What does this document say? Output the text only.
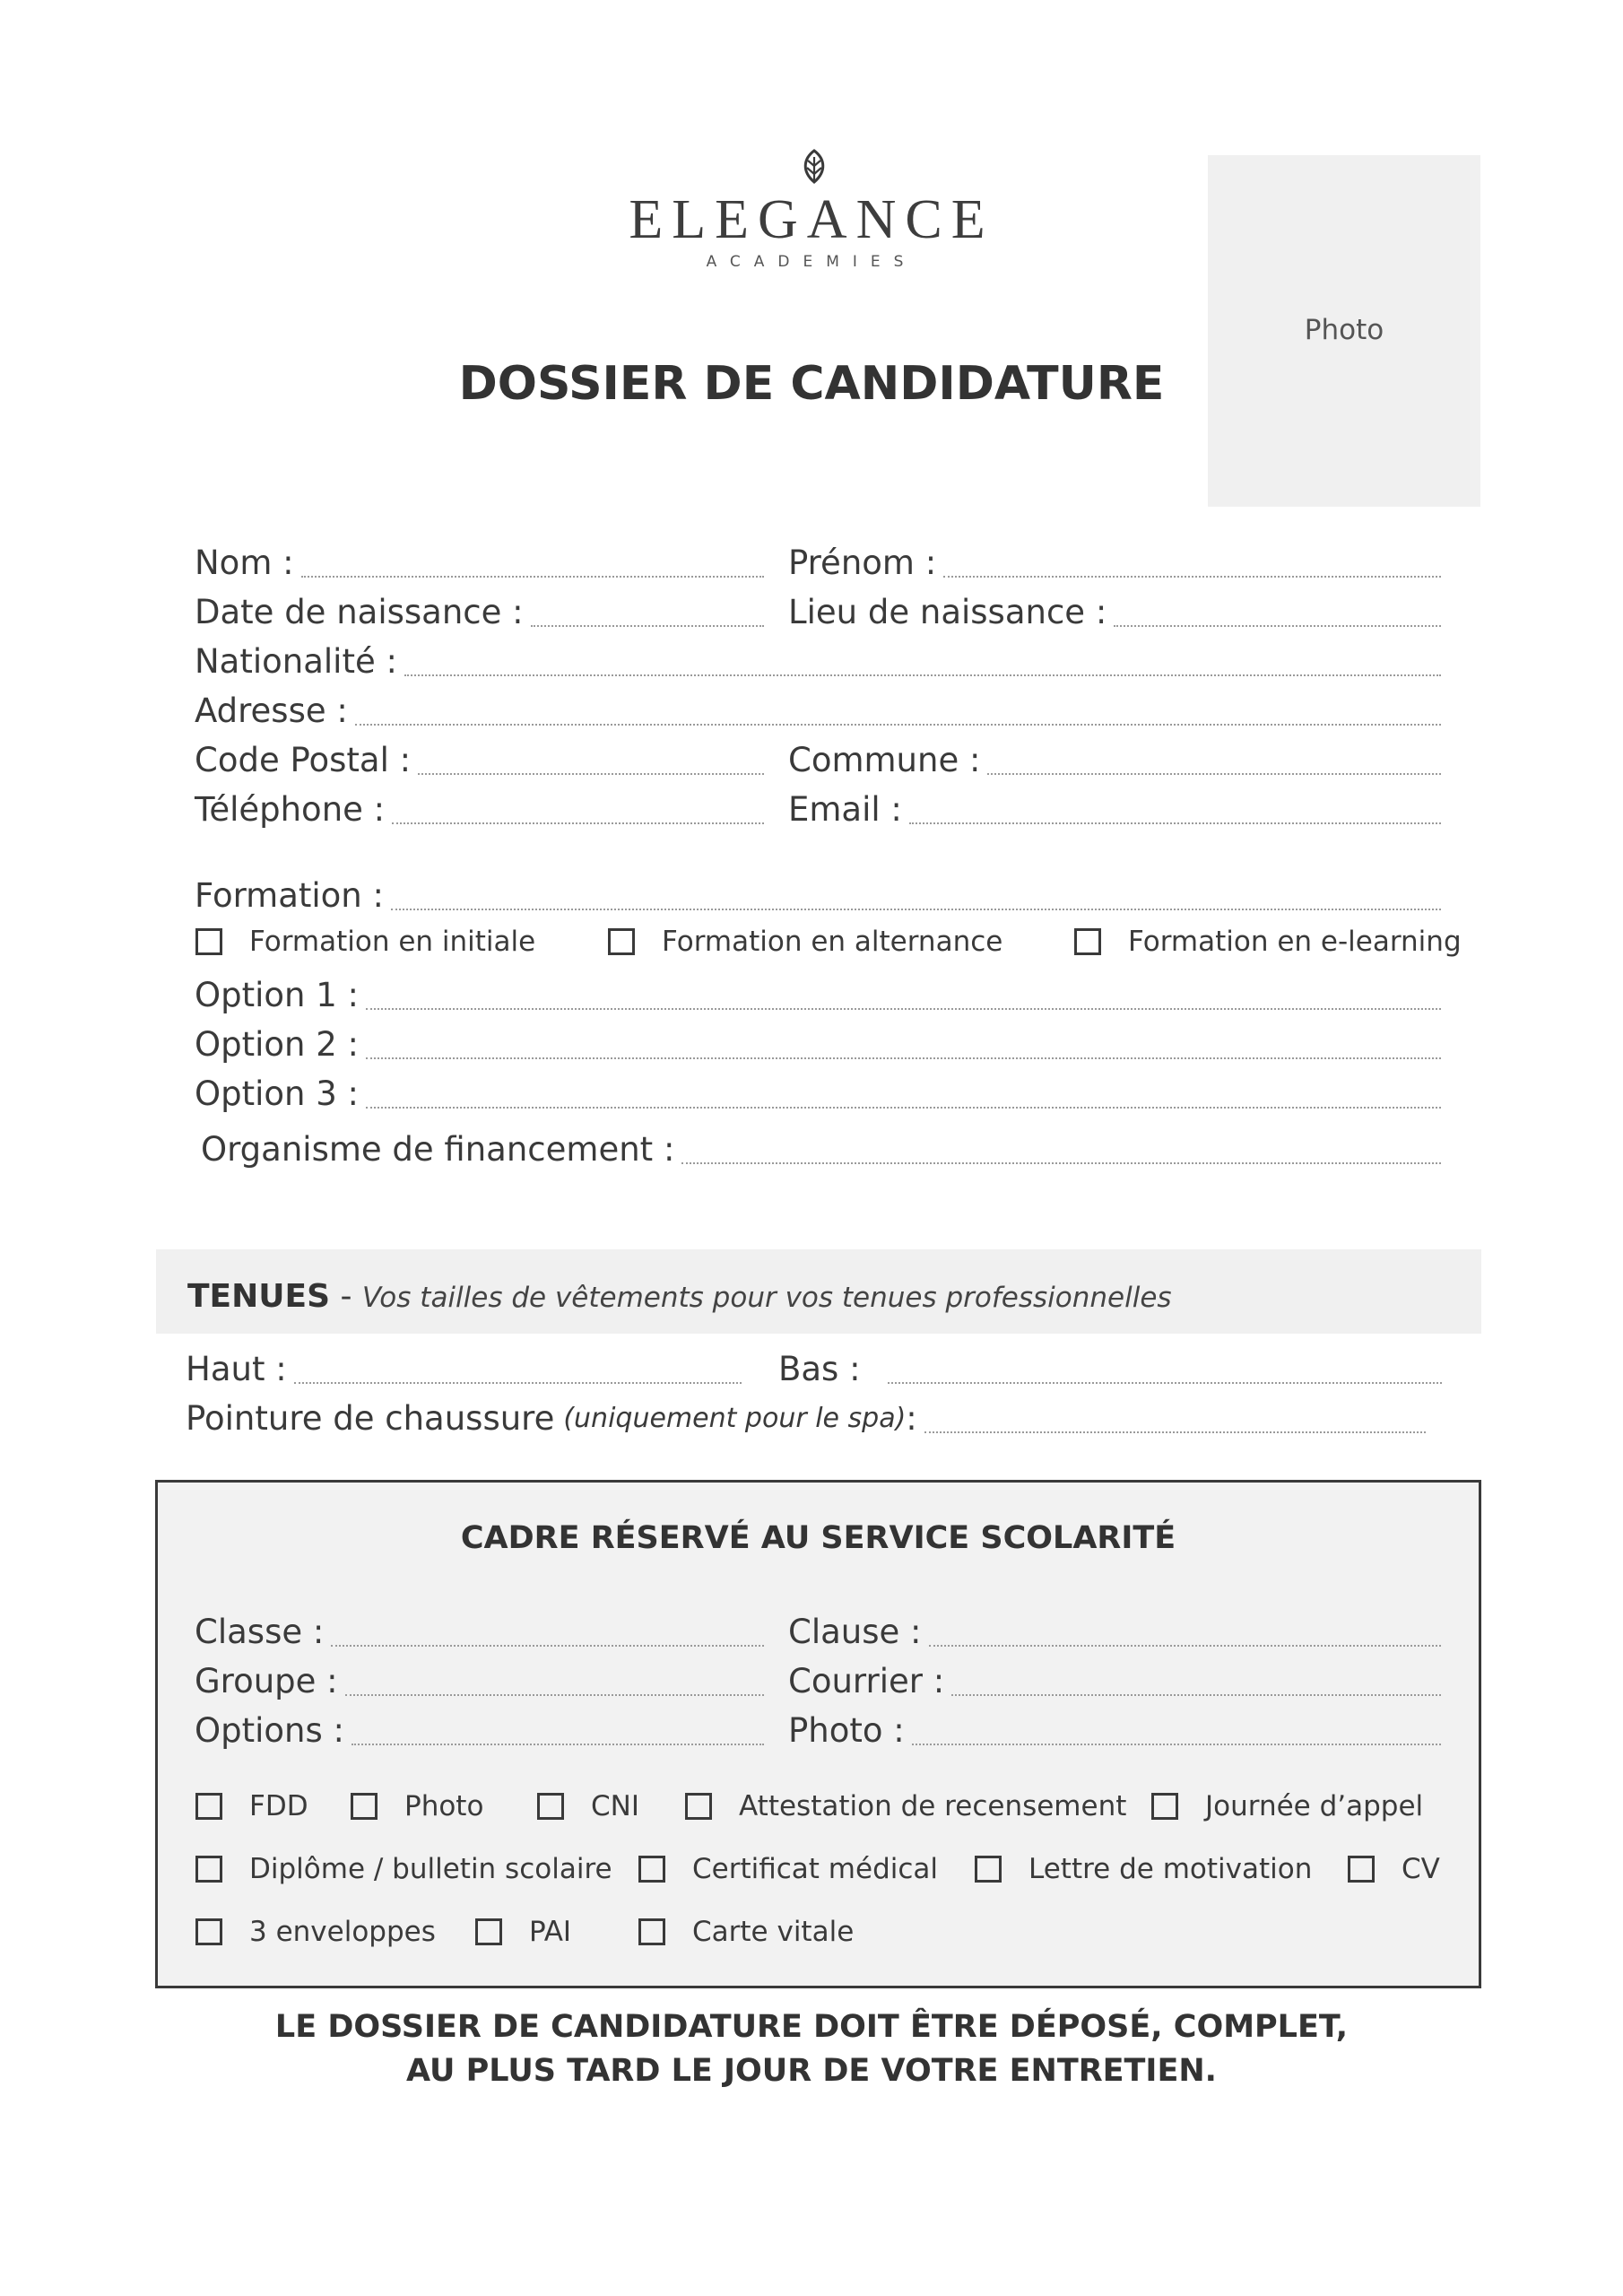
ELEGANCE
ACADEMIES
DOSSIER DE CANDIDATURE
Photo
Nom :	Prénom :
Date de naissance :	Lieu de naissance :
Nationalité :
Adresse :
Code Postal :	Commune :
Téléphone :	Email :
Formation :
Formation en initiale	Formation en alternance	Formation en e-learning
Option 1 :
Option 2 :
Option 3 :
Organisme de financement :
TENUES - Vos tailles de vêtements pour vos tenues professionnelles
Haut :	Bas :
Pointure de chaussure (uniquement pour le spa) :
CADRE RÉSERVÉ AU SERVICE SCOLARITÉ
Classe :	Clause :
Groupe :	Courrier :
Options :	Photo :
FDD	Photo	CNI	Attestation de recensement	Journée d’appel
Diplôme / bulletin scolaire	Certificat médical	Lettre de motivation	CV
3 enveloppes	PAI	Carte vitale
LE DOSSIER DE CANDIDATURE DOIT ÊTRE DÉPOSÉ, COMPLET,
AU PLUS TARD LE JOUR DE VOTRE ENTRETIEN.
